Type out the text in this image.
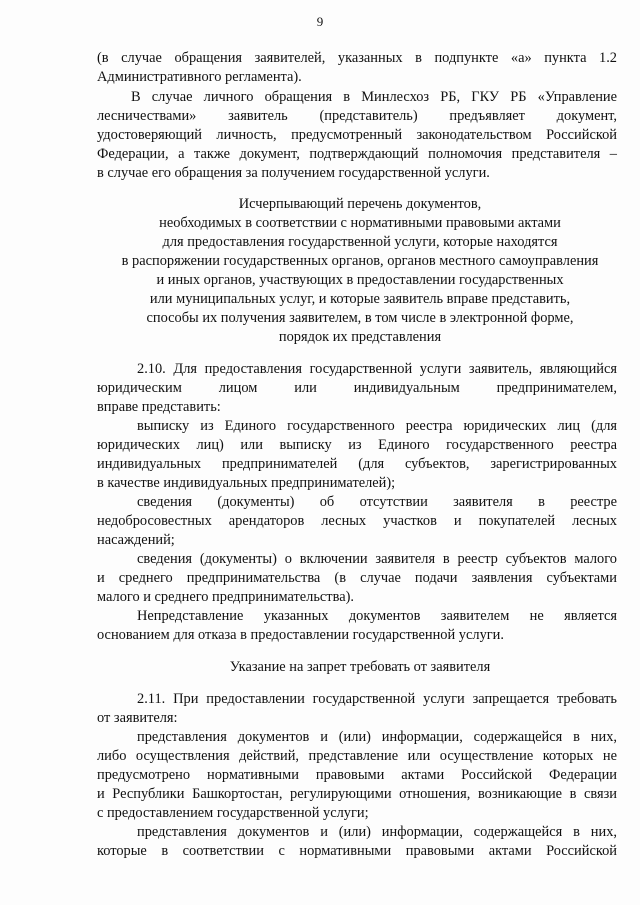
9
(в случае обращения заявителей, указанных в подпункте «а» пункта 1.2
Административного регламента).
В случае личного обращения в Минлесхоз РБ, ГКУ РБ «Управление
лесничествами» заявитель (представитель) предъявляет документ,
удостоверяющий личность, предусмотренный законодательством Российской
Федерации, а также документ, подтверждающий полномочия представителя –
в случае его обращения за получением государственной услуги.
Исчерпывающий перечень документов,
необходимых в соответствии с нормативными правовыми актами
для предоставления государственной услуги, которые находятся
в распоряжении государственных органов, органов местного самоуправления
и иных органов, участвующих в предоставлении государственных
или муниципальных услуг, и которые заявитель вправе представить,
способы их получения заявителем, в том числе в электронной форме,
порядок их представления
2.10. Для предоставления государственной услуги заявитель, являющийся
юридическим лицом или индивидуальным предпринимателем,
вправе представить:
выписку из Единого государственного реестра юридических лиц (для
юридических лиц) или выписку из Единого государственного реестра
индивидуальных предпринимателей (для субъектов, зарегистрированных
в качестве индивидуальных предпринимателей);
сведения (документы) об отсутствии заявителя в реестре
недобросовестных арендаторов лесных участков и покупателей лесных
насаждений;
сведения (документы) о включении заявителя в реестр субъектов малого
и среднего предпринимательства (в случае подачи заявления субъектами
малого и среднего предпринимательства).
Непредставление указанных документов заявителем не является
основанием для отказа в предоставлении государственной услуги.
Указание на запрет требовать от заявителя
2.11. При предоставлении государственной услуги запрещается требовать
от заявителя:
представления документов и (или) информации, содержащейся в них,
либо осуществления действий, представление или осуществление которых не
предусмотрено нормативными правовыми актами Российской Федерации
и Республики Башкортостан, регулирующими отношения, возникающие в связи
с предоставлением государственной услуги;
представления документов и (или) информации, содержащейся в них,
которые в соответствии с нормативными правовыми актами Российской
